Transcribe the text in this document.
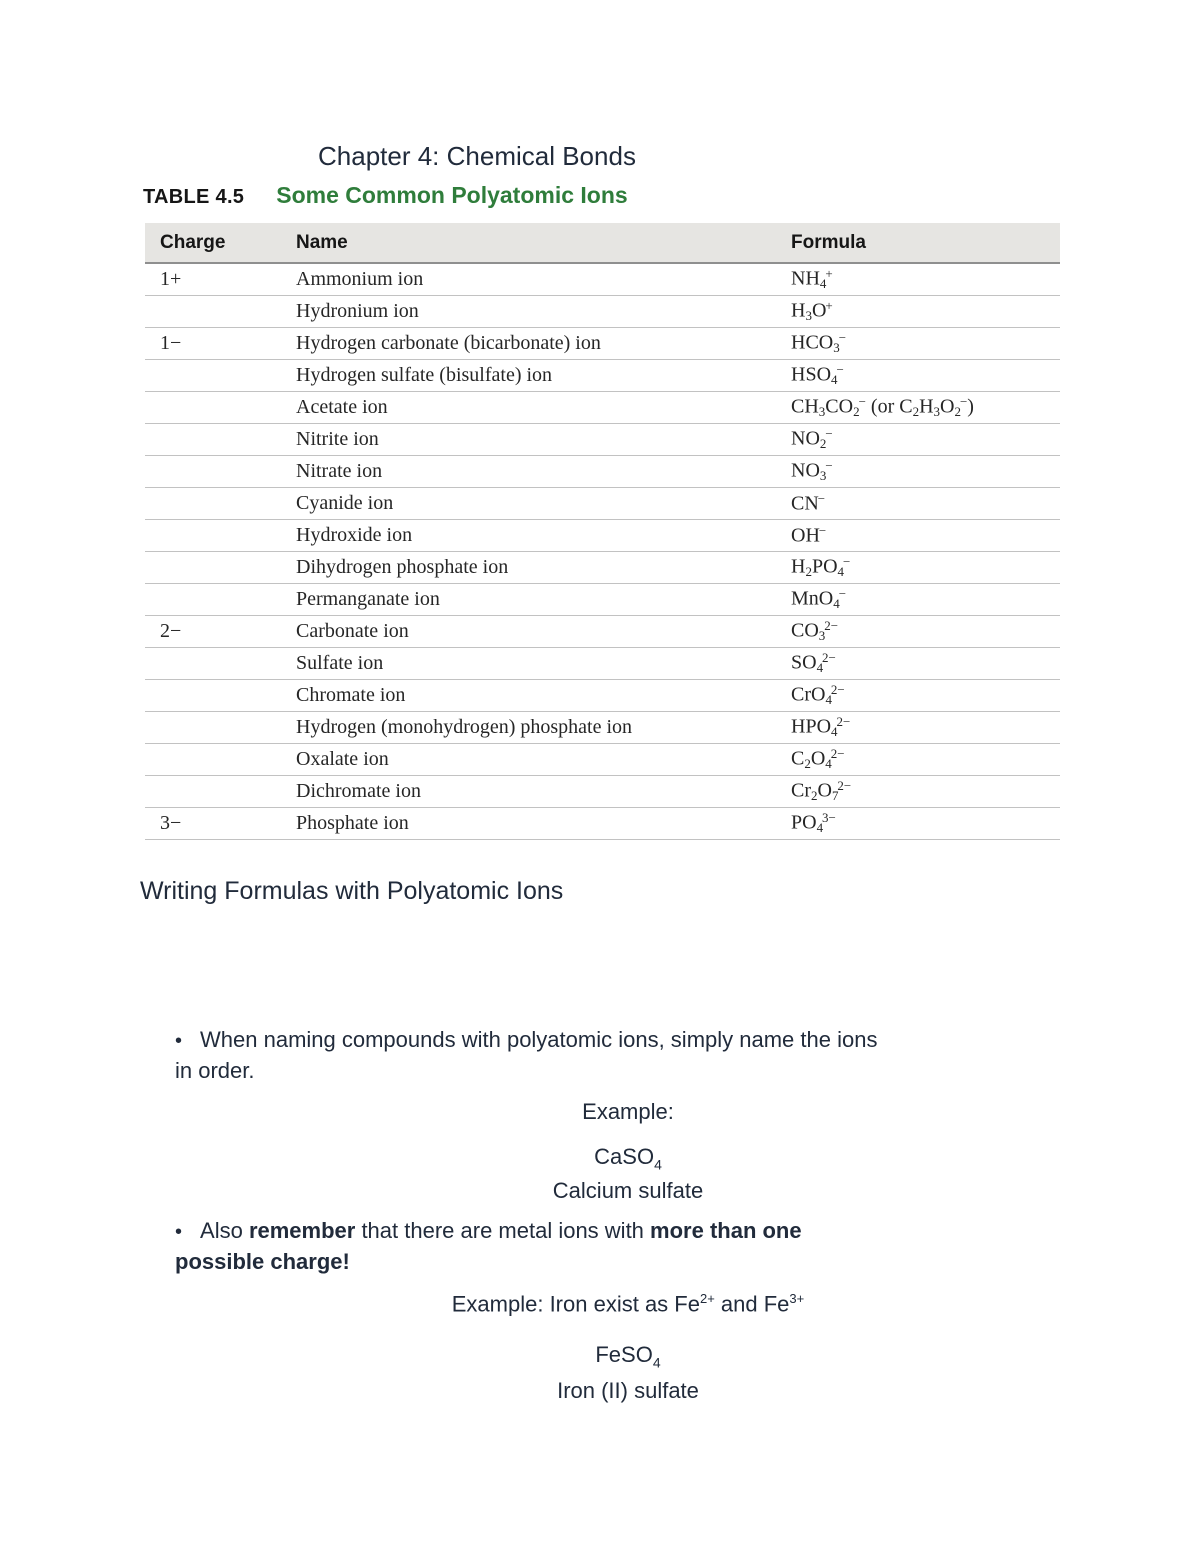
Chapter 4: Chemical Bonds
TABLE 4.5 Some Common Polyatomic Ions
Charge	Name	Formula
1+	Ammonium ion	$NH_4^+$
	Hydronium ion	$H_3O^+$
1−	Hydrogen carbonate (bicarbonate) ion	$HCO_3^-$
	Hydrogen sulfate (bisulfate) ion	$HSO_4^-$
	Acetate ion	$CH_3CO_2^-$ (or $C_2H_3O_2^-$)
	Nitrite ion	$NO_2^-$
	Nitrate ion	$NO_3^-$
	Cyanide ion	CN−
	Hydroxide ion	OH−
	Dihydrogen phosphate ion	$H_2PO_4^-$
	Permanganate ion	MnO$_4$−
2−	Carbonate ion	$CO_3^{2-}$
	Sulfate ion	$SO_4^{2-}$
	Chromate ion	CrO$_4^{2-}$
	Hydrogen (monohydrogen) phosphate ion	$HPO_4^{2-}$
	Oxalate ion	$C_2O_4^{2-}$
	Dichromate ion	$Cr_2O_7^{2-}$
3−	Phosphate ion	$PO_4^{3-}$
Writing Formulas with Polyatomic Ions
• When naming compounds with polyatomic ions, simply name the ions
in order.
Example:
CaSO$_4$
Calcium sulfate
• Also remember that there are metal ions with more than one
possible charge!
Example: Iron exist as $Fe^{2+}$ and $Fe^{3+}$
FeSO$_4$
Iron (II) sulfate
